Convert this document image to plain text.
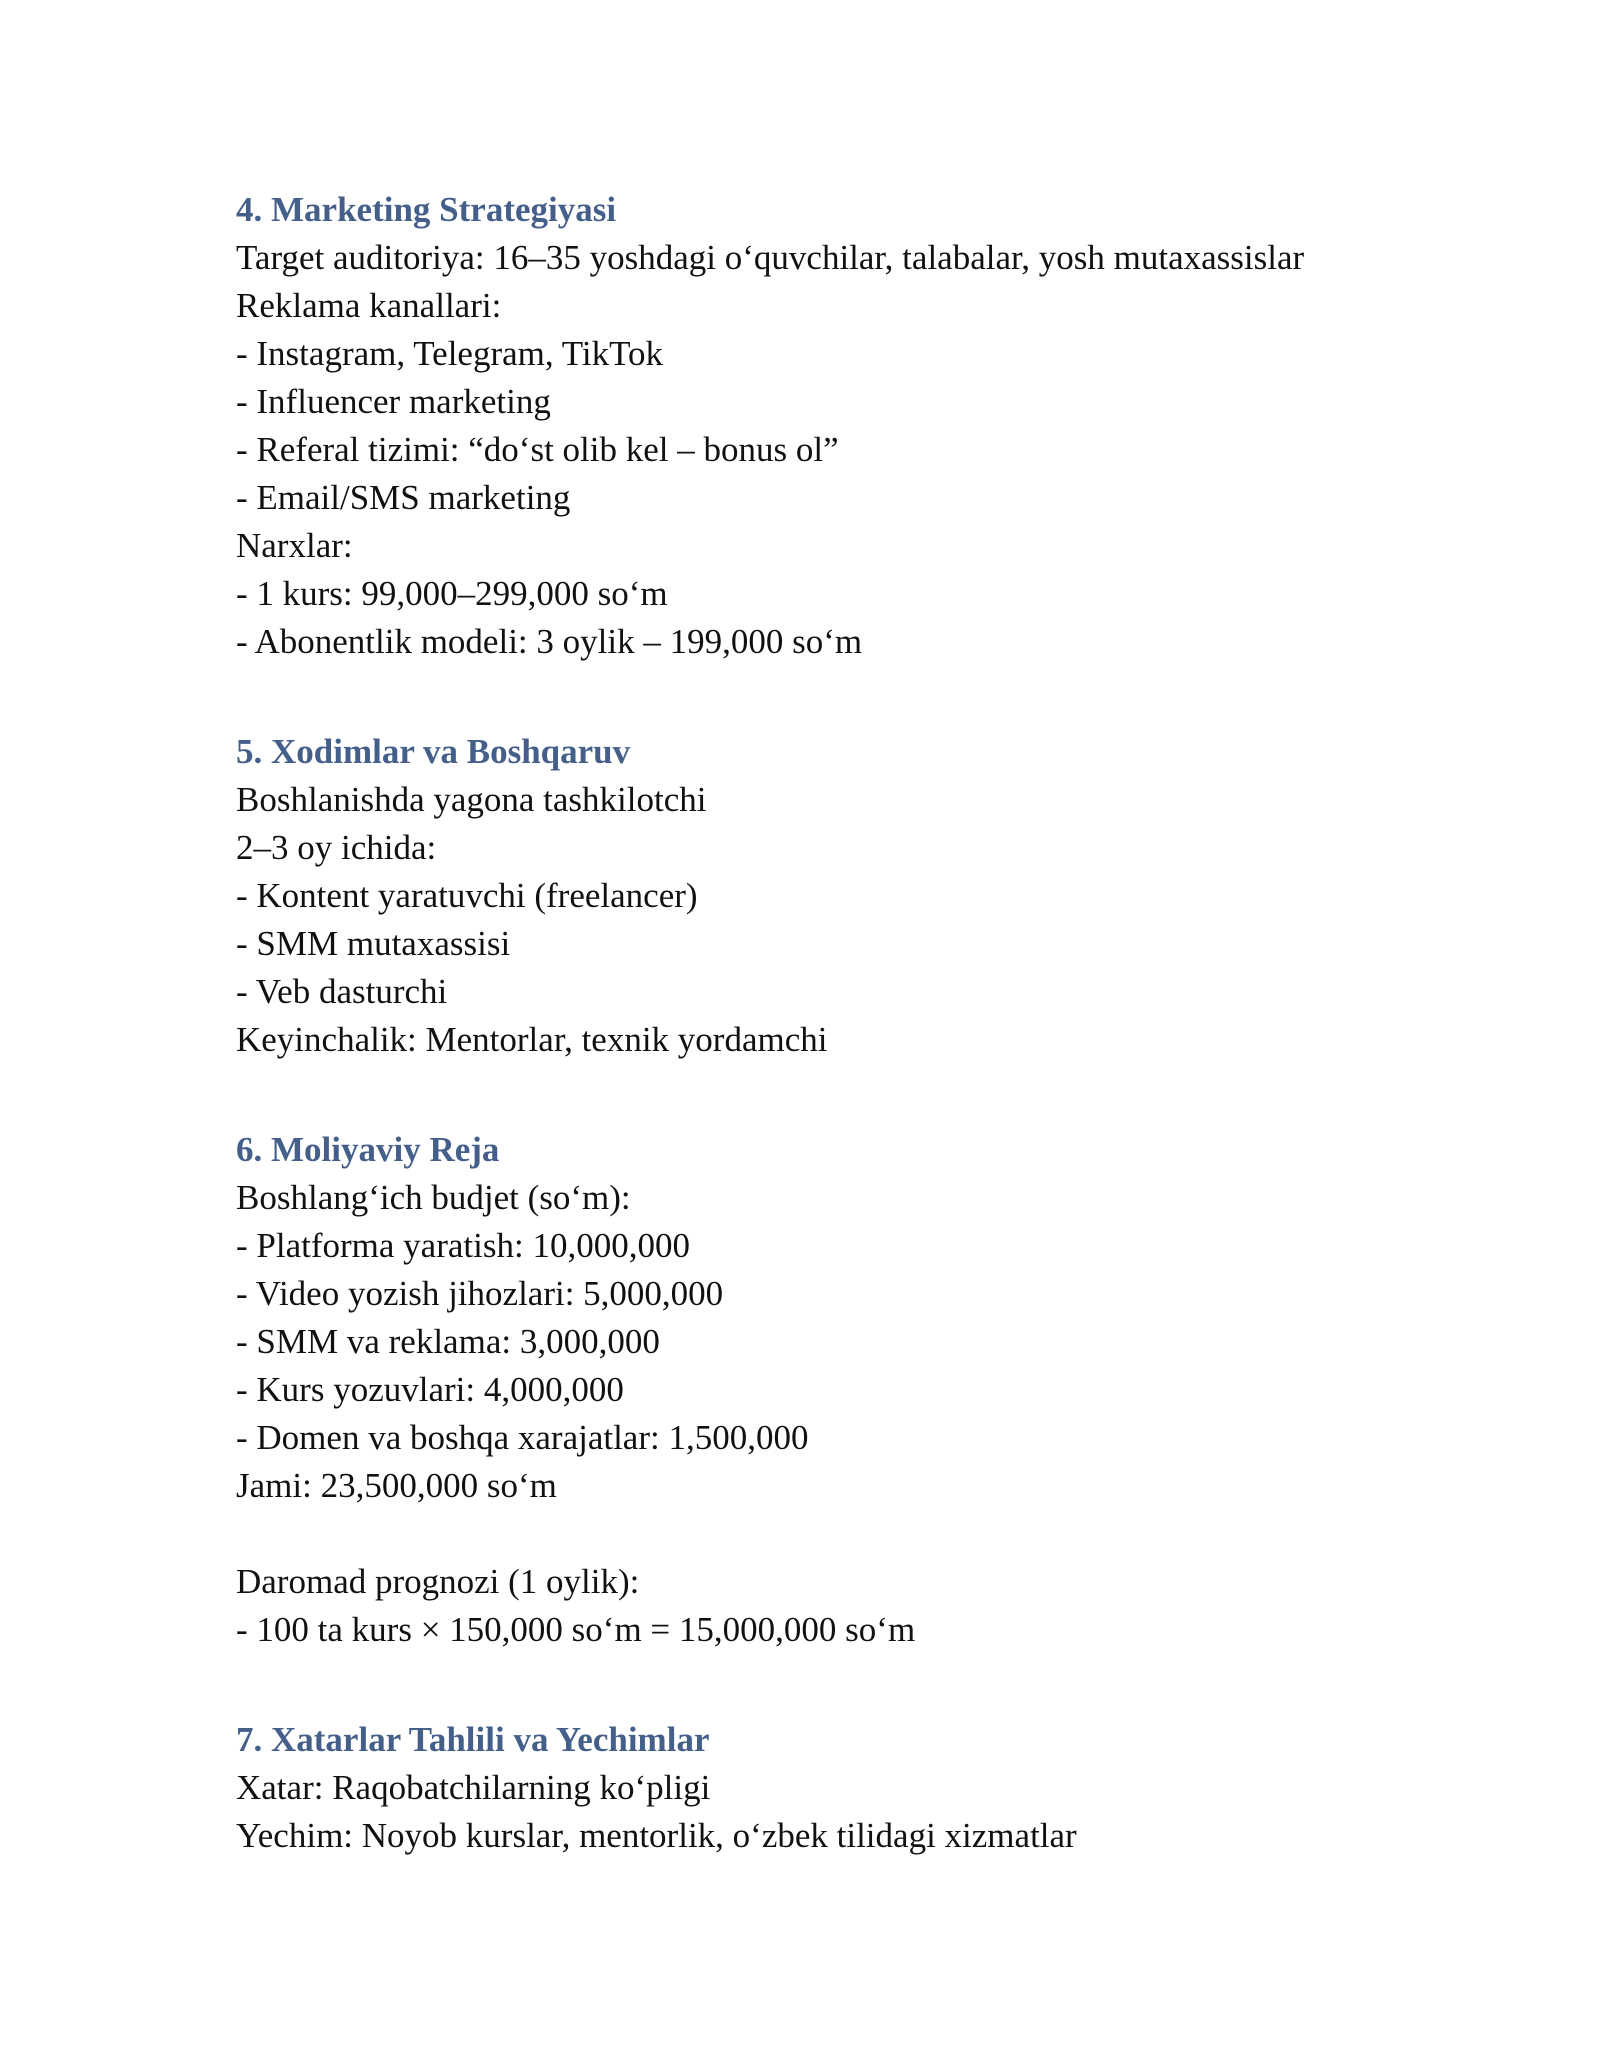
4. Marketing Strategiyasi

Target auditoriya: 16–35 yoshdagi o‘quvchilar, talabalar, yosh mutaxassislar

Reklama kanallari:

- Instagram, Telegram, TikTok

- Influencer marketing

- Referal tizimi: “do‘st olib kel – bonus ol”

- Email/SMS marketing

Narxlar:

- 1 kurs: 99,000–299,000 so‘m

- Abonentlik modeli: 3 oylik – 199,000 so‘m

5. Xodimlar va Boshqaruv

Boshlanishda yagona tashkilotchi

2–3 oy ichida:

- Kontent yaratuvchi (freelancer)

- SMM mutaxassisi

- Veb dasturchi

Keyinchalik: Mentorlar, texnik yordamchi

6. Moliyaviy Reja

Boshlang‘ich budjet (so‘m):

- Platforma yaratish: 10,000,000

- Video yozish jihozlari: 5,000,000

- SMM va reklama: 3,000,000

- Kurs yozuvlari: 4,000,000

- Domen va boshqa xarajatlar: 1,500,000

Jami: 23,500,000 so‘m

Daromad prognozi (1 oylik):

- 100 ta kurs × 150,000 so‘m = 15,000,000 so‘m

7. Xatarlar Tahlili va Yechimlar

Xatar: Raqobatchilarning ko‘pligi

Yechim: Noyob kurslar, mentorlik, o‘zbek tilidagi xizmatlar
